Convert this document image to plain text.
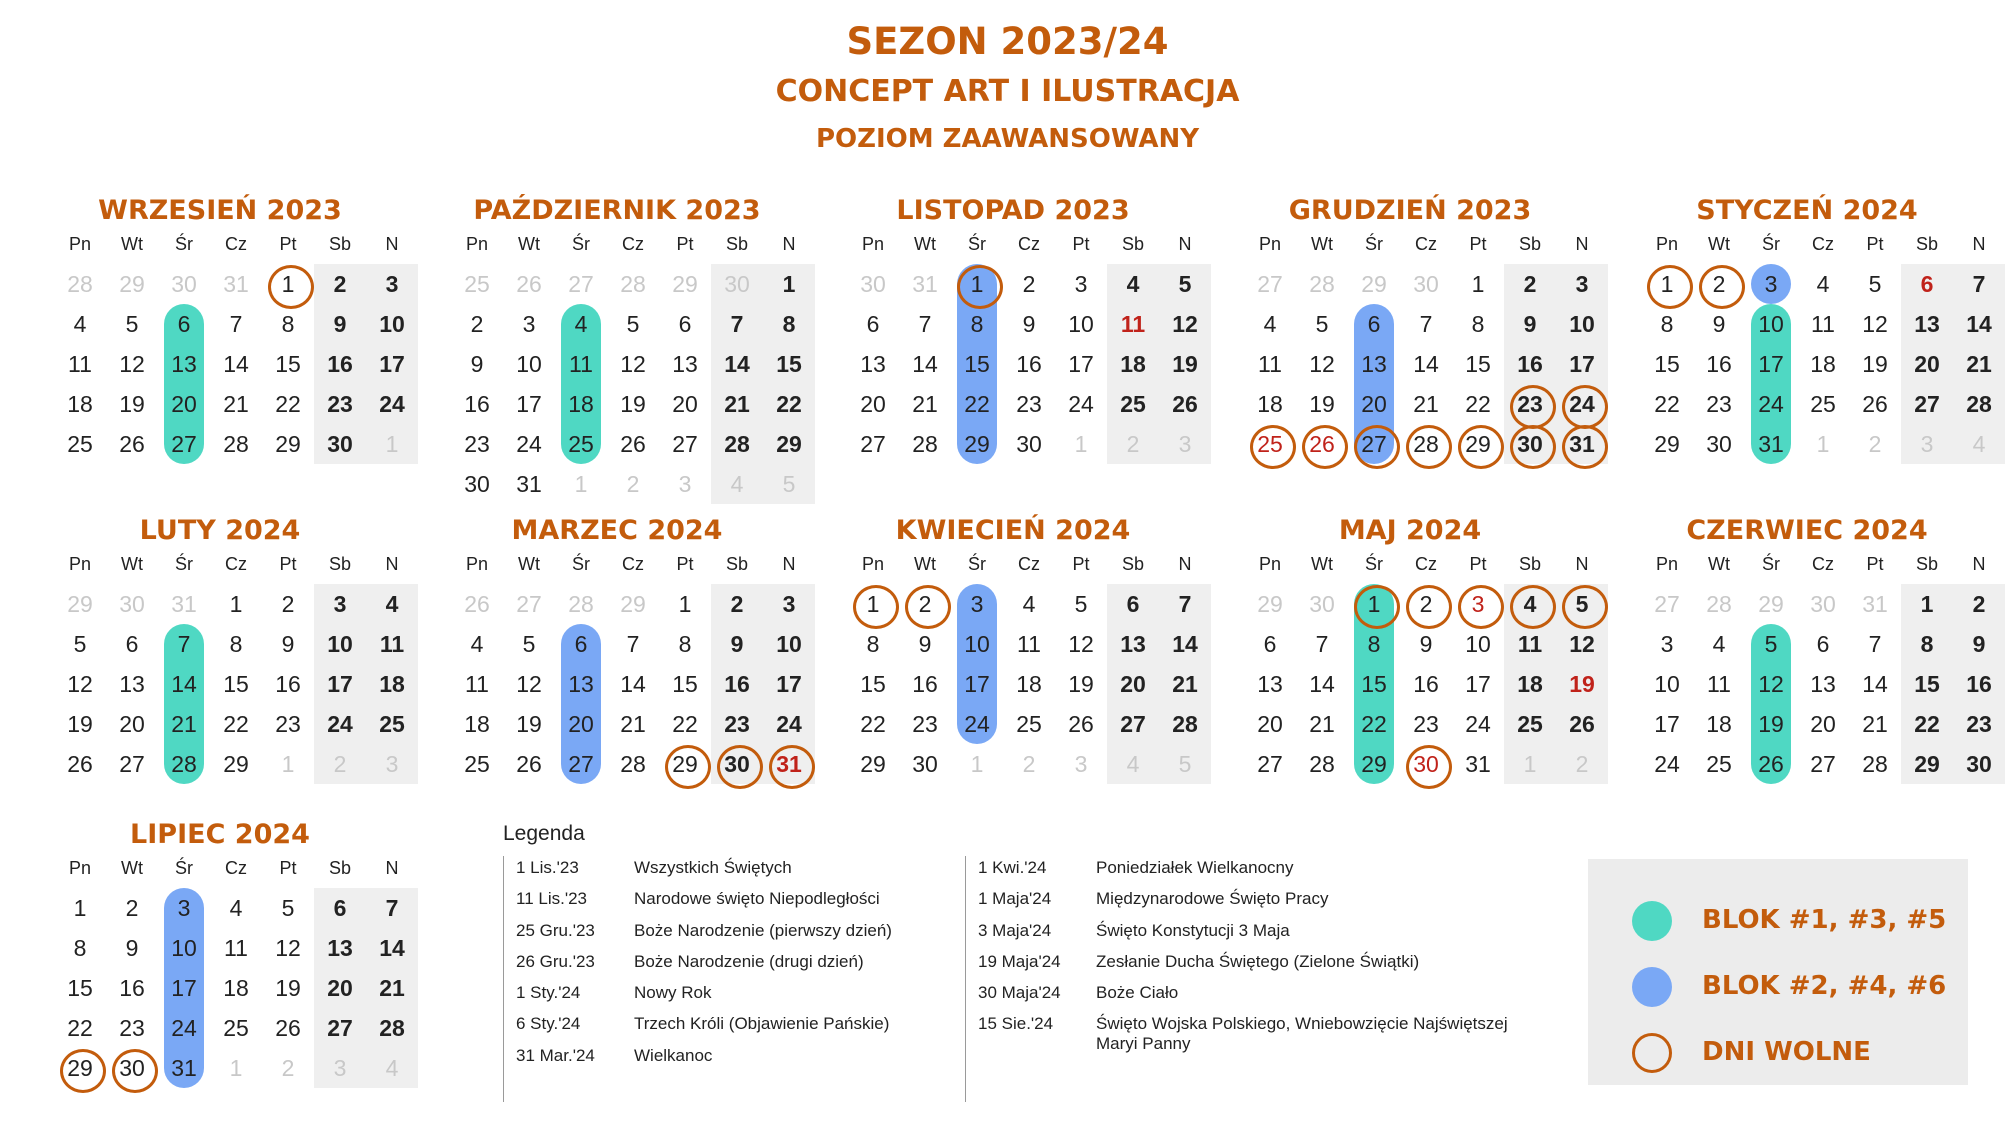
SEZON 2023/24
CONCEPT ART I ILUSTRACJA
POZIOM ZAAWANSOWANY
WRZESIEŃ 2023
Pn	Wt	Śr	Cz	Pt	Sb	N
28	29	30	31	1	2	3
4	5	6	7	8	9	10
11	12	13	14	15	16	17
18	19	20	21	22	23	24
25	26	27	28	29	30	1
PAŹDZIERNIK 2023
Pn	Wt	Śr	Cz	Pt	Sb	N
25	26	27	28	29	30	1
2	3	4	5	6	7	8
9	10	11	12	13	14	15
16	17	18	19	20	21	22
23	24	25	26	27	28	29
30	31	1	2	3	4	5
LISTOPAD 2023
Pn	Wt	Śr	Cz	Pt	Sb	N
30	31	1	2	3	4	5
6	7	8	9	10	11	12
13	14	15	16	17	18	19
20	21	22	23	24	25	26
27	28	29	30	1	2	3
GRUDZIEŃ 2023
Pn	Wt	Śr	Cz	Pt	Sb	N
27	28	29	30	1	2	3
4	5	6	7	8	9	10
11	12	13	14	15	16	17
18	19	20	21	22	23	24
25	26	27	28	29	30	31
STYCZEŃ 2024
Pn	Wt	Śr	Cz	Pt	Sb	N
1	2	3	4	5	6	7
8	9	10	11	12	13	14
15	16	17	18	19	20	21
22	23	24	25	26	27	28
29	30	31	1	2	3	4
LUTY 2024
Pn	Wt	Śr	Cz	Pt	Sb	N
29	30	31	1	2	3	4
5	6	7	8	9	10	11
12	13	14	15	16	17	18
19	20	21	22	23	24	25
26	27	28	29	1	2	3
MARZEC 2024
Pn	Wt	Śr	Cz	Pt	Sb	N
26	27	28	29	1	2	3
4	5	6	7	8	9	10
11	12	13	14	15	16	17
18	19	20	21	22	23	24
25	26	27	28	29	30	31
KWIECIEŃ 2024
Pn	Wt	Śr	Cz	Pt	Sb	N
1	2	3	4	5	6	7
8	9	10	11	12	13	14
15	16	17	18	19	20	21
22	23	24	25	26	27	28
29	30	1	2	3	4	5
MAJ 2024
Pn	Wt	Śr	Cz	Pt	Sb	N
29	30	1	2	3	4	5
6	7	8	9	10	11	12
13	14	15	16	17	18	19
20	21	22	23	24	25	26
27	28	29	30	31	1	2
CZERWIEC 2024
Pn	Wt	Śr	Cz	Pt	Sb	N
27	28	29	30	31	1	2
3	4	5	6	7	8	9
10	11	12	13	14	15	16
17	18	19	20	21	22	23
24	25	26	27	28	29	30
LIPIEC 2024
Pn	Wt	Śr	Cz	Pt	Sb	N
1	2	3	4	5	6	7
8	9	10	11	12	13	14
15	16	17	18	19	20	21
22	23	24	25	26	27	28
29	30	31	1	2	3	4
Legenda
1 Lis.'23	Wszystkich Świętych
11 Lis.'23	Narodowe święto Niepodległości
25 Gru.'23 Boże Narodzenie (pierwszy dzień)
26 Gru.'23 Boże Narodzenie (drugi dzień)
1 Sty.'24	Nowy Rok
6 Sty.'24	Trzech Króli (Objawienie Pańskie)
31 Mar.'24 Wielkanoc
1 Kwi.'24	Poniedziałek Wielkanocny
1 Maja'24	Międzynarodowe Święto Pracy
3 Maja'24	Święto Konstytucji 3 Maja
19 Maja'24 Zesłanie Ducha Świętego (Zielone Świątki)
30 Maja'24 Boże Ciało
15 Sie.'24	Święto Wojska Polskiego, Wniebowzięcie Najświętszej Maryi Panny
BLOK #1, #3, #5
BLOK #2, #4, #6
DNI WOLNE
